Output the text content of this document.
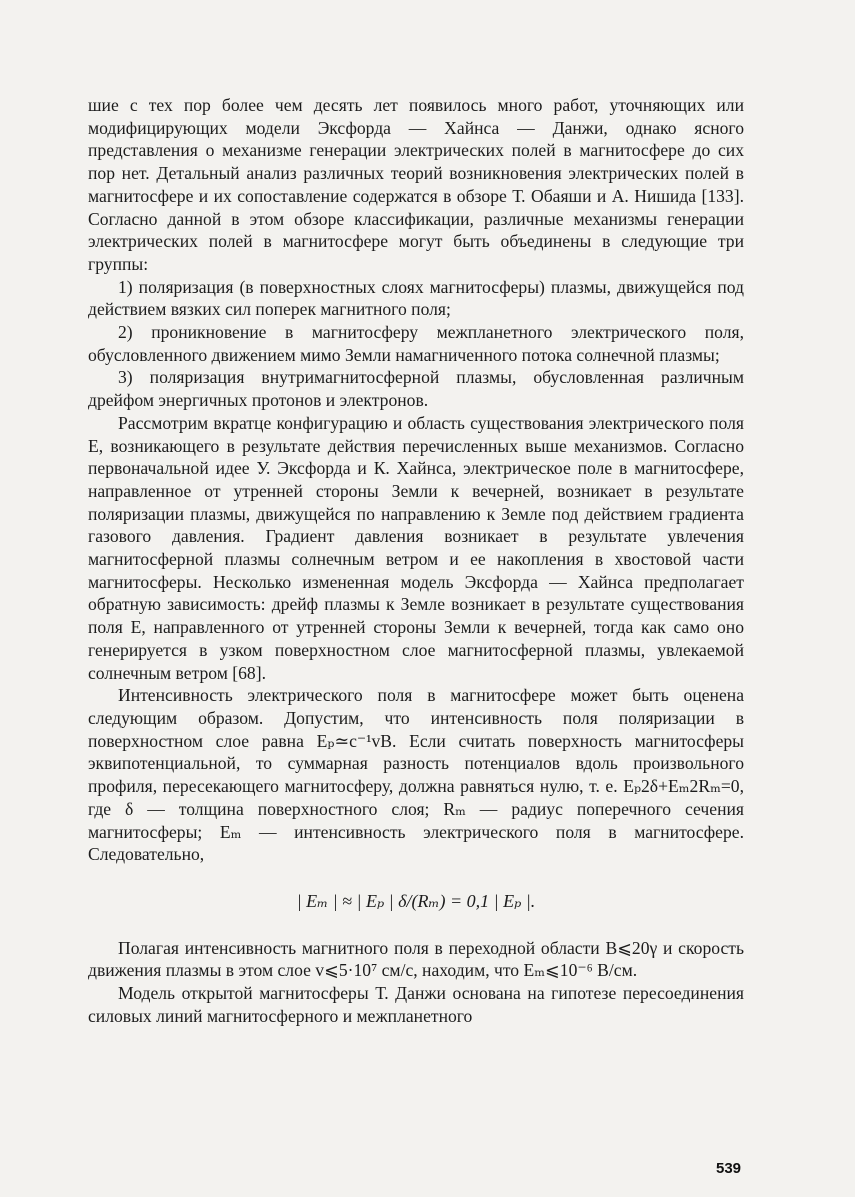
шие с тех пор более чем десять лет появилось много работ, уточняющих или модифицирующих модели Эксфорда — Хайнса — Данжи, однако ясного представления о механизме генерации электрических полей в магнитосфере до сих пор нет. Детальный анализ различных теорий возникновения электрических полей в магнитосфере и их сопоставление содержатся в обзоре Т. Обаяши и А. Нишида [133]. Согласно данной в этом обзоре классификации, различные механизмы генерации электрических полей в магнитосфере могут быть объединены в следующие три группы:

1) поляризация (в поверхностных слоях магнитосферы) плазмы, движущейся под действием вязких сил поперек магнитного поля;

2) проникновение в магнитосферу межпланетного электрического поля, обусловленного движением мимо Земли намагниченного потока солнечной плазмы;

3) поляризация внутримагнитосферной плазмы, обусловленная различным дрейфом энергичных протонов и электронов.

Рассмотрим вкратце конфигурацию и область существования электрического поля E, возникающего в результате действия перечисленных выше механизмов. Согласно первоначальной идее У. Эксфорда и К. Хайнса, электрическое поле в магнитосфере, направленное от утренней стороны Земли к вечерней, возникает в результате поляризации плазмы, движущейся по направлению к Земле под действием градиента газового давления. Градиент давления возникает в результате увлечения магнитосферной плазмы солнечным ветром и ее накопления в хвостовой части магнитосферы. Несколько измененная модель Эксфорда — Хайнса предполагает обратную зависимость: дрейф плазмы к Земле возникает в результате существования поля E, направленного от утренней стороны Земли к вечерней, тогда как само оно генерируется в узком поверхностном слое магнитосферной плазмы, увлекаемой солнечным ветром [68].

Интенсивность электрического поля в магнитосфере может быть оценена следующим образом. Допустим, что интенсивность поля поляризации в поверхностном слое равна Eₚ≃c⁻¹vB. Если считать поверхность магнитосферы эквипотенциальной, то суммарная разность потенциалов вдоль произвольного профиля, пересекающего магнитосферу, должна равняться нулю, т. е. Eₚ2δ+Eₘ2Rₘ=0, где δ — толщина поверхностного слоя; Rₘ — радиус поперечного сечения магнитосферы; Eₘ — интенсивность электрического поля в магнитосфере. Следовательно,

| Eₘ | ≈ | Eₚ | δ/(Rₘ) = 0,1 | Eₚ |.

Полагая интенсивность магнитного поля в переходной области B⩽20γ и скорость движения плазмы в этом слое v⩽5·10⁷ см/с, находим, что Eₘ⩽10⁻⁶ В/см.

Модель открытой магнитосферы Т. Данжи основана на гипотезе пересоединения силовых линий магнитосферного и межпланетного

539
